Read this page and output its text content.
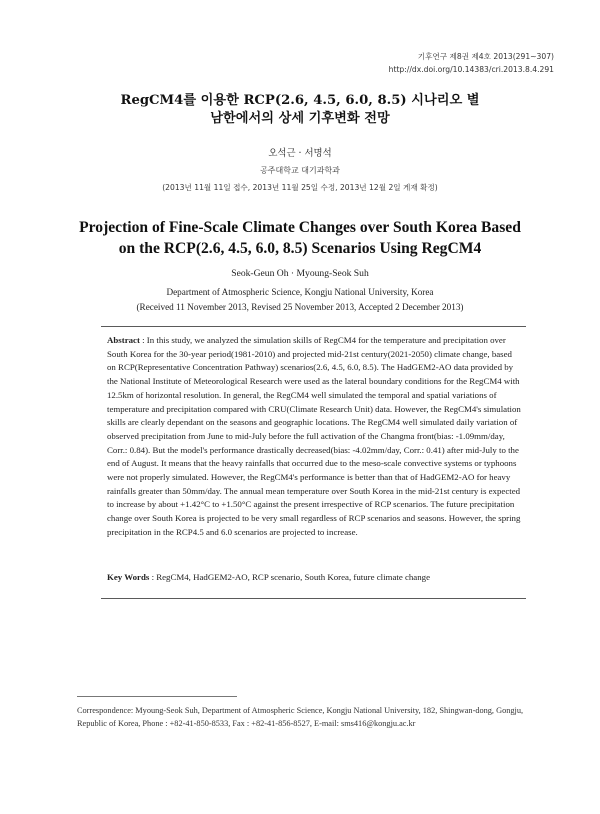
기후연구 제8권 제4호 2013(291~307)
http://dx.doi.org/10.14383/cri.2013.8.4.291
RegCM4를 이용한 RCP(2.6, 4.5, 6.0, 8.5) 시나리오 별
남한에서의 상세 기후변화 전망
오석근 · 서명석
공주대학교 대기과학과
(2013년 11월 11일 접수, 2013년 11월 25일 수정, 2013년 12월 2일 게재 확정)
Projection of Fine-Scale Climate Changes over South Korea Based
on the RCP(2.6, 4.5, 6.0, 8.5) Scenarios Using RegCM4
Seok-Geun Oh · Myoung-Seok Suh
Department of Atmospheric Science, Kongju National University, Korea
(Received 11 November 2013, Revised 25 November 2013, Accepted 2 December 2013)

Abstract : In this study, we analyzed the simulation skills of RegCM4 for the temperature and precipitation over South Korea for the 30-year period(1981-2010) and projected mid-21st century(2021-2050) climate change, based on RCP(Representative Concentration Pathway) scenarios(2.6, 4.5, 6.0, 8.5). The HadGEM2-AO data provided by the National Institute of Meteorological Research were used as the lateral boundary conditions for the RegCM4 with 12.5km of horizontal resolution. In general, the RegCM4 well simulated the temporal and spatial variations of temperature and precipitation compared with CRU(Climate Research Unit) data. However, the RegCM4's simulation skills are clearly dependant on the seasons and geographic locations. The RegCM4 well simulated daily variation of observed precipitation from June to mid-July before the full activation of the Changma front(bias: -1.09mm/day, Corr.: 0.84). But the model's performance drastically decreased(bias: -4.02mm/day, Corr.: 0.41) after mid-July to the end of August. It means that the heavy rainfalls that occurred due to the meso-scale convective systems or typhoons were not properly simulated. However, the RegCM4's performance is better than that of HadGEM2-AO for heavy rainfalls greater than 50mm/day. The annual mean temperature over South Korea in the mid-21st century is expected to increase by about +1.42°C to +1.50°C against the present irrespective of RCP scenarios. The future precipitation change over South Korea is projected to be very small regardless of RCP scenarios and seasons. However, the spring precipitation in the RCP4.5 and 6.0 scenarios are projected to increase.

Key Words : RegCM4, HadGEM2-AO, RCP scenario, South Korea, future climate change

Correspondence: Myoung-Seok Suh, Department of Atmospheric Science, Kongju National University, 182, Shingwan-dong, Gongju, Republic of Korea, Phone : +82-41-850-8533, Fax : +82-41-856-8527, E-mail: sms416@kongju.ac.kr
